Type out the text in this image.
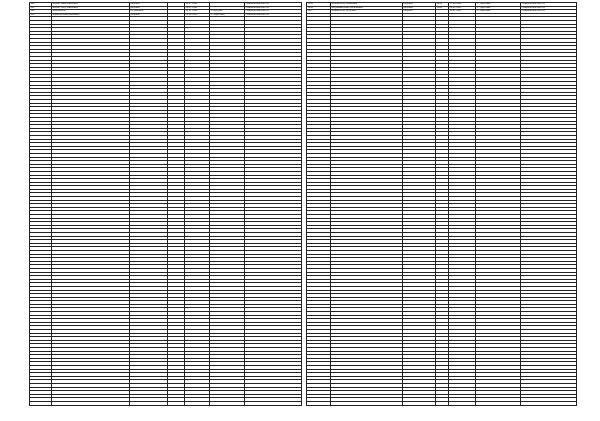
960	Багмет Иван Иванович	рядовой		24.07.1942		Семеновская Высота
961	Багмет Петр Иванович	рядовой		24.07.1942		Семеновская Высота
962	Байбаков А.	гв. рядовой		22.07.1942	х. Арбузов	Семеновская Высота
963	Баранов Иван Иванович	рядовой		09.02.1943	х. Тарасовка	Семеновская Высота

1005	Бабкин Петр Иванович	рядовой	1924	15.08.1942	х. Тарасовка	Семеновская Высота
1006	Бабушкин Иван Васильевич	рядовой	1899	26.01.1943	х. Тарасовка	Семеновская Высота
1007	Бажин Петр Петрович	рядовой		26.01.1943	х. Тарасовка	Семеновская Высота
